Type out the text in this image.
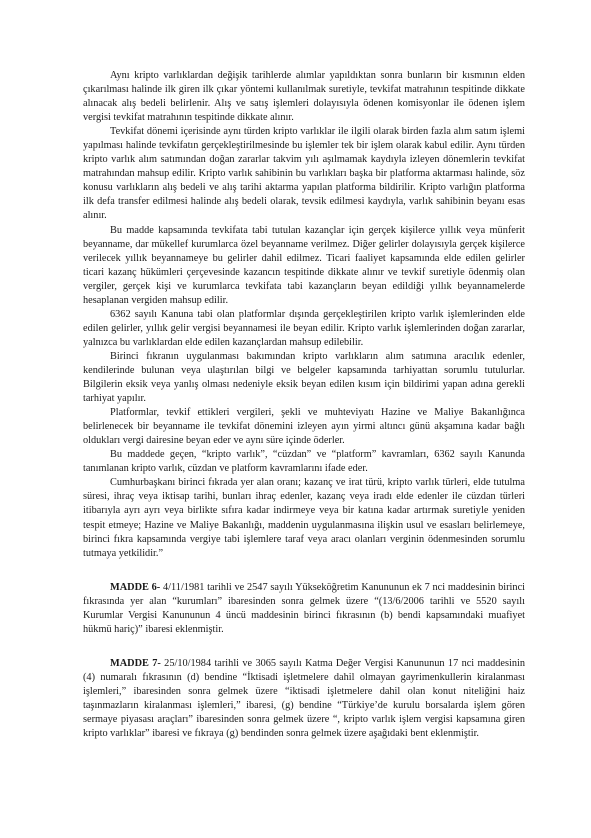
Aynı kripto varlıklardan değişik tarihlerde alımlar yapıldıktan sonra bunların bir kısmının elden çıkarılması halinde ilk giren ilk çıkar yöntemi kullanılmak suretiyle, tevkifat matrahının tespitinde dikkate alınacak alış bedeli belirlenir. Alış ve satış işlemleri dolayısıyla ödenen komisyonlar ile ödenen işlem vergisi tevkifat matrahının tespitinde dikkate alınır.

Tevkifat dönemi içerisinde aynı türden kripto varlıklar ile ilgili olarak birden fazla alım satım işlemi yapılması halinde tevkifatın gerçekleştirilmesinde bu işlemler tek bir işlem olarak kabul edilir. Aynı türden kripto varlık alım satımından doğan zararlar takvim yılı aşılmamak kaydıyla izleyen dönemlerin tevkifat matrahından mahsup edilir. Kripto varlık sahibinin bu varlıkları başka bir platforma aktarması halinde, söz konusu varlıkların alış bedeli ve alış tarihi aktarma yapılan platforma bildirilir. Kripto varlığın platforma ilk defa transfer edilmesi halinde alış bedeli olarak, tevsik edilmesi kaydıyla, varlık sahibinin beyanı esas alınır.

Bu madde kapsamında tevkifata tabi tutulan kazançlar için gerçek kişilerce yıllık veya münferit beyanname, dar mükellef kurumlarca özel beyanname verilmez. Diğer gelirler dolayısıyla gerçek kişilerce verilecek yıllık beyannameye bu gelirler dahil edilmez. Ticari faaliyet kapsamında elde edilen gelirler ticari kazanç hükümleri çerçevesinde kazancın tespitinde dikkate alınır ve tevkif suretiyle ödenmiş olan vergiler, gerçek kişi ve kurumlarca tevkifata tabi kazançların beyan edildiği yıllık beyannamelerde hesaplanan vergiden mahsup edilir.

6362 sayılı Kanuna tabi olan platformlar dışında gerçekleştirilen kripto varlık işlemlerinden elde edilen gelirler, yıllık gelir vergisi beyannamesi ile beyan edilir. Kripto varlık işlemlerinden doğan zararlar, yalnızca bu varlıklardan elde edilen kazançlardan mahsup edilebilir.

Birinci fıkranın uygulanması bakımından kripto varlıkların alım satımına aracılık edenler, kendilerinde bulunan veya ulaştırılan bilgi ve belgeler kapsamında tarhiyattan sorumlu tutulurlar. Bilgilerin eksik veya yanlış olması nedeniyle eksik beyan edilen kısım için bildirimi yapan adına gerekli tarhiyat yapılır.

Platformlar, tevkif ettikleri vergileri, şekli ve muhteviyatı Hazine ve Maliye Bakanlığınca belirlenecek bir beyanname ile tevkifat dönemini izleyen ayın yirmi altıncı günü akşamına kadar bağlı oldukları vergi dairesine beyan eder ve aynı süre içinde öderler.

Bu maddede geçen, “kripto varlık”, “cüzdan” ve “platform” kavramları, 6362 sayılı Kanunda tanımlanan kripto varlık, cüzdan ve platform kavramlarını ifade eder.

Cumhurbaşkanı birinci fıkrada yer alan oranı; kazanç ve irat türü, kripto varlık türleri, elde tutulma süresi, ihraç veya iktisap tarihi, bunları ihraç edenler, kazanç veya iradı elde edenler ile cüzdan türleri itibarıyla ayrı ayrı veya birlikte sıfıra kadar indirmeye veya bir katına kadar artırmak suretiyle yeniden tespit etmeye; Hazine ve Maliye Bakanlığı, maddenin uygulanmasına ilişkin usul ve esasları belirlemeye, birinci fıkra kapsamında vergiye tabi işlemlere taraf veya aracı olanları verginin ödenmesinden sorumlu tutmaya yetkilidir.”

MADDE 6- 4/11/1981 tarihli ve 2547 sayılı Yükseköğretim Kanununun ek 7 nci maddesinin birinci fıkrasında yer alan “kurumları” ibaresinden sonra gelmek üzere “(13/6/2006 tarihli ve 5520 sayılı Kurumlar Vergisi Kanununun 4 üncü maddesinin birinci fıkrasının (b) bendi kapsamındaki muafiyet hükmü hariç)” ibaresi eklenmiştir.

MADDE 7- 25/10/1984 tarihli ve 3065 sayılı Katma Değer Vergisi Kanununun 17 nci maddesinin (4) numaralı fıkrasının (d) bendine “İktisadi işletmelere dahil olmayan gayrimenkullerin kiralanması işlemleri,” ibaresinden sonra gelmek üzere “iktisadi işletmelere dahil olan konut niteliğini haiz taşınmazların kiralanması işlemleri,” ibaresi, (g) bendine “Türkiye’de kurulu borsalarda işlem gören sermaye piyasası araçları” ibaresinden sonra gelmek üzere “, kripto varlık işlem vergisi kapsamına giren kripto varlıklar” ibaresi ve fıkraya (g) bendinden sonra gelmek üzere aşağıdaki bent eklenmiştir.
